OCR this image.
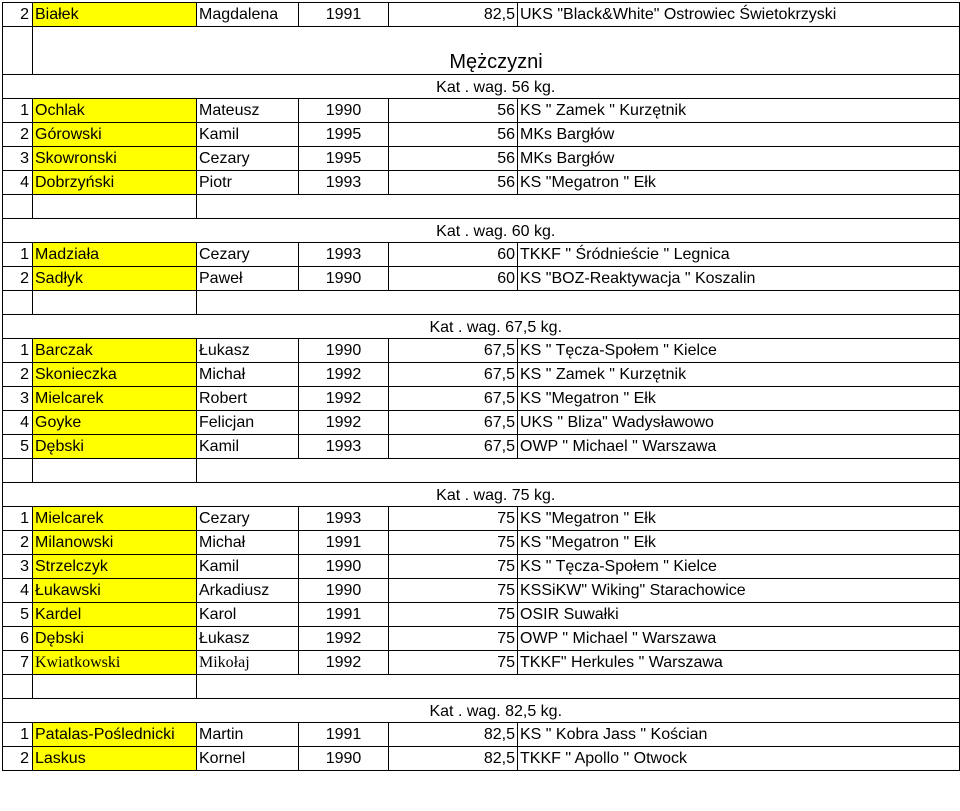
2	Białek	Magdalena	1991	82,5	UKS "Black&White" Ostrowiec Świetokrzyski
	Mężczyzni				
	Kat . wag. 56 kg.				
1	Ochlak	Mateusz	1990	56	KS " Zamek " Kurzętnik
2	Górowski	Kamil	1995	56	MKs Bargłów
3	Skowronski	Cezary	1995	56	MKs Bargłów
4	Dobrzyński	Piotr	1993	56	KS "Megatron " Ełk

	Kat . wag. 60 kg.				
1	Madziała	Cezary	1993	60	TKKF " Śródnieście " Legnica
2	Sadłyk	Paweł	1990	60	KS "BOZ-Reaktywacja " Koszalin

	Kat . wag. 67,5 kg.				
1	Barczak	Łukasz	1990	67,5	KS " Tęcza-Społem " Kielce
2	Skonieczka	Michał	1992	67,5	KS " Zamek " Kurzętnik
3	Mielcarek	Robert	1992	67,5	KS "Megatron " Ełk
4	Goyke	Felicjan	1992	67,5	UKS " Bliza" Wadysławowo
5	Dębski	Kamil	1993	67,5	OWP " Michael " Warszawa

	Kat . wag. 75 kg.				
1	Mielcarek	Cezary	1993	75	KS "Megatron " Ełk
2	Milanowski	Michał	1991	75	KS "Megatron " Ełk
3	Strzelczyk	Kamil	1990	75	KS " Tęcza-Społem " Kielce
4	Łukawski	Arkadiusz	1990	75	KSSiKW" Wiking" Starachowice
5	Kardel	Karol	1991	75	OSIR Suwałki
6	Dębski	Łukasz	1992	75	OWP " Michael " Warszawa
7	Kwiatkowski	Mikołaj	1992	75	TKKF" Herkules " Warszawa

	Kat . wag. 82,5 kg.				
1	Patalas-Poślednicki	Martin	1991	82,5	KS " Kobra Jass " Kościan
2	Laskus	Kornel	1990	82,5	TKKF " Apollo " Otwock
